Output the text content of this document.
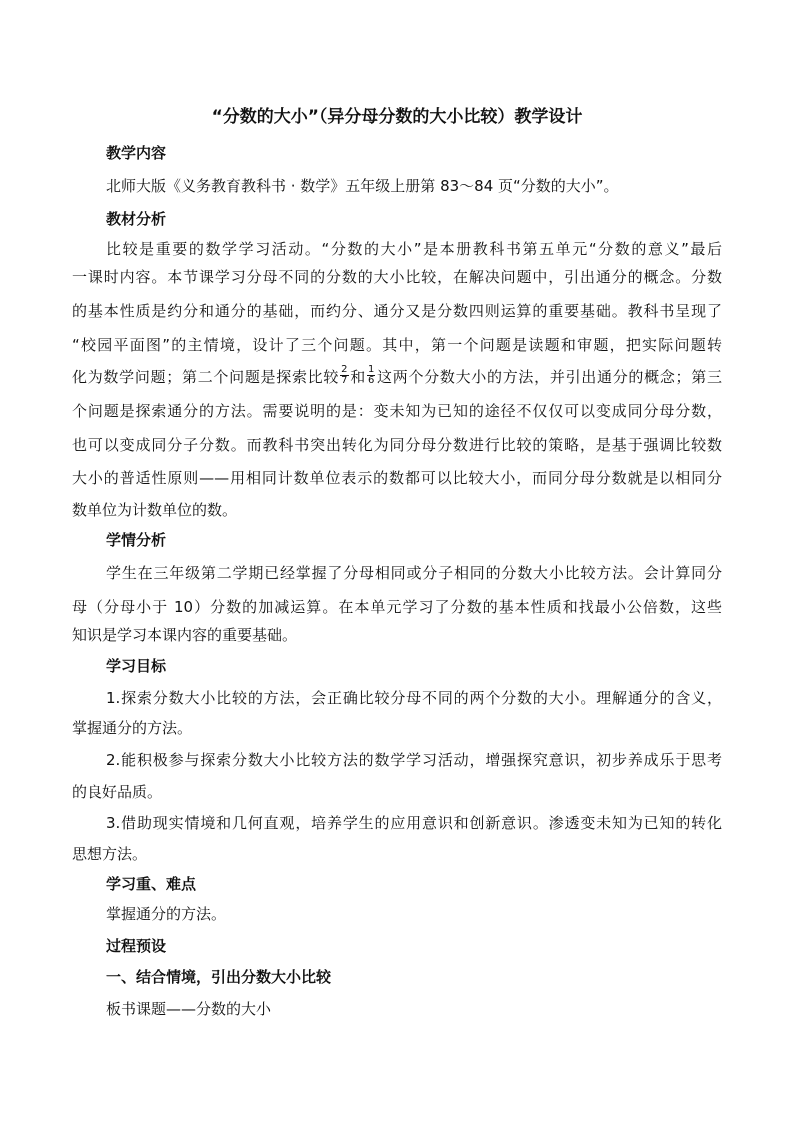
“分数的大小”（异分母分数的大小比较）教学设计
教学内容
北师大版《义务教育教科书 · 数学》五年级上册第 83～84 页“分数的大小”。
教材分析
比较是重要的数学学习活动。“分数的大小”是本册教科书第五单元“分数的意义”最后
一课时内容。本节课学习分母不同的分数的大小比较，在解决问题中，引出通分的概念。分数
的基本性质是约分和通分的基础，而约分、通分又是分数四则运算的重要基础。教科书呈现了
“校园平面图”的主情境，设计了三个问题。其中，第一个问题是读题和审题，把实际问题转
化为数学问题；第二个问题是探索比较 $\frac{2}{7}$ 和 $\frac{1}{6}$ 这两个分数大小的方法，并引出通分的概念；第三
个问题是探索通分的方法。需要说明的是：变未知为已知的途径不仅仅可以变成同分母分数，
也可以变成同分子分数。而教科书突出转化为同分母分数进行比较的策略，是基于强调比较数
大小的普适性原则——用相同计数单位表示的数都可以比较大小，而同分母分数就是以相同分
数单位为计数单位的数。
学情分析
学生在三年级第二学期已经掌握了分母相同或分子相同的分数大小比较方法。会计算同分
母（分母小于 10）分数的加减运算。在本单元学习了分数的基本性质和找最小公倍数，这些
知识是学习本课内容的重要基础。
学习目标
1.探索分数大小比较的方法，会正确比较分母不同的两个分数的大小。理解通分的含义，
掌握通分的方法。
2.能积极参与探索分数大小比较方法的数学学习活动，增强探究意识，初步养成乐于思考
的良好品质。
3.借助现实情境和几何直观，培养学生的应用意识和创新意识。渗透变未知为已知的转化
思想方法。
学习重、难点
掌握通分的方法。
过程预设
一、结合情境，引出分数大小比较
板书课题——分数的大小
